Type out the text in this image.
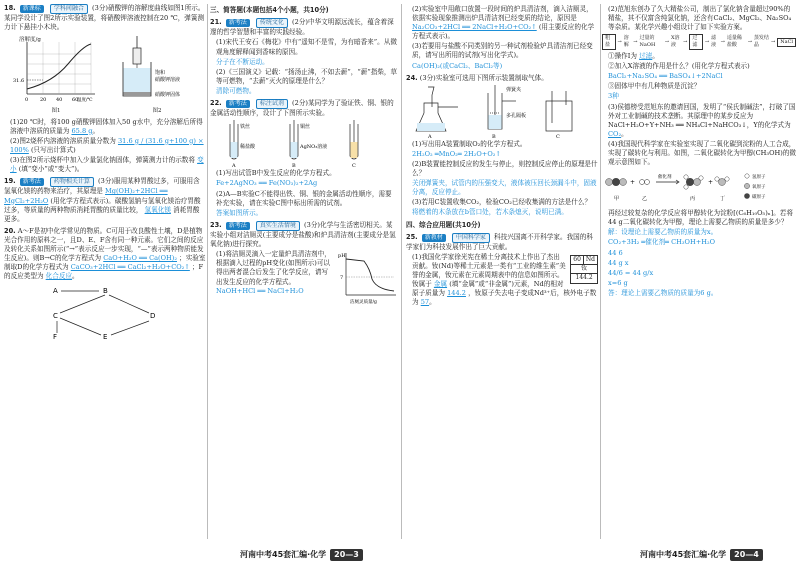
18. 新课标 学科间融合 (3分)硝酸钾的溶解度曲线如图1所示。某同学设计了图2所示实验装置，将硝酸钾溶液控制在20 ℃，弹簧测力计下悬挂小木块。
溶解度/g
31.6
0 20 40 60
温度/℃
图1
饱和
硝酸钾溶液
硝酸钾固体
图2
(1)20 ℃时，将100 g硝酸钾固体加入50 g水中，充分溶解后所得溶液中溶质的质量为 65.8 g。
(2)图2烧杯内溶液的溶质质量分数为 31.6 g / (31.6 g+100 g) × 100% (只写出计算式)
(3)在图2所示烧杯中加入少量氯化钠固体，弹簧测力计的示数将 变小 (填“变小”或“变大”)。
19. 新考法 药物相关计算 (3分)服用某种胃酸过多，可服用含氢氧化镁的药物来治疗，其原理是 Mg(OH)₂+2HCl ══ MgCl₂+2H₂O (用化学方程式表示)。碳酸氢钠与氢氧化镁治疗胃酸过多，等质量的两种物质消耗胃酸的质量比较， 氢氧化镁 消耗胃酸更多。
20. A～F是初中化学常见的物质。C可用于改良酸性土壤，D是植物光合作用的原料之一，且D、E、F含有同一种元素。它们之间的反应及转化关系如图所示(“→”表示反应一步实现，“—”表示两种物质能发生反应)。则B→C的化学方程式为 CaO+H₂O ══ Ca(OH)₂ ；实验室制取D的化学方程式为 CaCO₃+2HCl ══ CaCl₂+H₂O+CO₂↑ ；F的反应类型为 化合反应。
A	B
C	D
E
F
三、简答题(本题包括4个小题，共10分)
21. 新考法 传统文化 (2分)中华文明源远流长，蕴含着深邃的哲学智慧和丰富的实践经验。
(1)宋代王安石《梅花》中有“遥知不是雪，为有暗香来”。从微观角度解释闻到香味的原因。
分子在不断运动。
(2)《三国演义》记载：“扬汤止沸，不如去薪”，“薪”指柴，草等可燃物，“去薪”灭火的原理是什么？
清除可燃物。
22. 新考法 标注试剂 (2分)某同学为了验证铁、铜、银的金属活动性顺序，设计了下图所示实验。
铁丝
稀盐酸
铜丝
AgNO₃溶液
A	B	C
(1)写出试管B中发生反应的化学方程式。
Fe+2AgNO₃ ══ Fe(NO₃)₂+2Ag
(2)A—B实验C不能得出铁、铜、银的金属活动性顺序，需要补充实验，请在实验C图中标出所需的试剂。
答案如图所示。
23. 新考法 真实生活情境 (3分)化学与生活密切相关。某实验小组对洁厕灵(主要成分是盐酸)和炉具清洁剂(主要成分是氢氧化钠)进行探究。
(1)将洁厕灵滴入一定量炉具清洁剂中，根据滴入过程的pH变化(如图所示)可以得出两者混合后发生了化学反应，请写出发生反应的化学方程式。
NaOH+HCl ══ NaCl+H₂O
pH
7
洁厕灵质量/g
(2)实验室中用敞口放置一段时间的炉具清洁剂，滴入洁厕灵，依据实验现象推测出炉具清洁剂已经变质的结论，原因是 Na₂CO₃+2HCl ══ 2NaCl+H₂O+CO₂↑ (用主要反应的化学方程式表示)。
(3)若要用与盐酸不同类别的另一种试剂检验炉具清洁剂已经变质，请写出所用的试剂(写出化学式)。
Ca(OH)₂(或CaCl₂、BaCl₂等)
24. (3分)实验室可选用下图所示装置制取气体。
A	B	C
弹簧夹
多孔隔板
(1)写出用A装置制取O₂的化学方程式。
2H₂O₂ ═MnO₂═ 2H₂O+O₂↑
(2)B装置能控制反应的发生与停止，则控制反应停止的原理是什么？
关闭弹簧夹，试管内的压强变大，液体被压回长颈漏斗中，固液分离，反应停止。
(3)若用C装置收集CO₂，检验CO₂已经收集满的方法是什么？
将燃着的木条放在b管口处，若木条熄灭，说明已满。
四、综合应用题(共10分)
25. 新教材 中国科学家 科技兴国离不开科学家。我国的科学家们为科技发展作出了巨大贡献。
60	Nd
钕
144.2
(1)我国化学家徐光宪在稀土分离技术上作出了杰出贡献。钕(Nd)等稀土元素是一类有“工业的维生素”美誉的金属，钕元素在元素周期表中的信息如图所示。钕属于 金属 (填“金属”或“非金属”)元素，Nd的相对原子质量为 144.2 ，钕原子失去电子变成Nd³⁺后，核外电子数为 57。
(2)范旭东创办了久大精盐公司，制出了氯化钠含量超过90%的精盐，其不仅富含纯氯化钠，还含有CaCl₂、MgCl₂、Na₂SO₄等杂质。某化学兴趣小组设计了如下实验方案。
粗盐
→
溶解
→
过量的NaOH
→
X溶液
→
过滤
→
滤液
→
适量稀盐酸
→
蒸发结晶
→	NaCl
①操作Ⅰ为 过滤。
②加入X溶液的作用是什么？(用化学方程式表示)
BaCl₂+Na₂SO₄ ══ BaSO₄↓+2NaCl
③固体甲中有几种物质是沉淀？
3种
(3)侯德榜受范旭东的邀请回国，发明了“侯氏制碱法”，打破了国外对工业制碱的技术垄断。其原理中的某步反应为NaCl+H₂O+Y+NH₃ ══ NH₄Cl+NaHCO₃↓，Y的化学式为 CO₂。
(4)我国现代科学家在实验室实现了二氧化碳到淀粉的人工合成，实现了碳转化与利用。如图，二氧化碳转化为甲醇(CH₃OH)的微观示意图如下。
甲
+
乙
催化剂
丙
+
丁
氢原子
氧原子
碳原子
再经过较复杂的化学反应将甲醇转化为淀粉[(C₆H₁₀O₅)ₙ]。若将44 g二氧化碳转化为甲醇，理论上需要乙物质的质量是多少？
解：设理论上需要乙物质的质量为x。
CO₂+3H₂ ═催化剂═ CH₃OH+H₂O
44 6
44 g x
44/6 = 44 g/x
x=6 g
答：理论上需要乙物质的质量为6 g。
河南中考45套汇编·化学	20—3	河南中考45套汇编·化学	20—4
